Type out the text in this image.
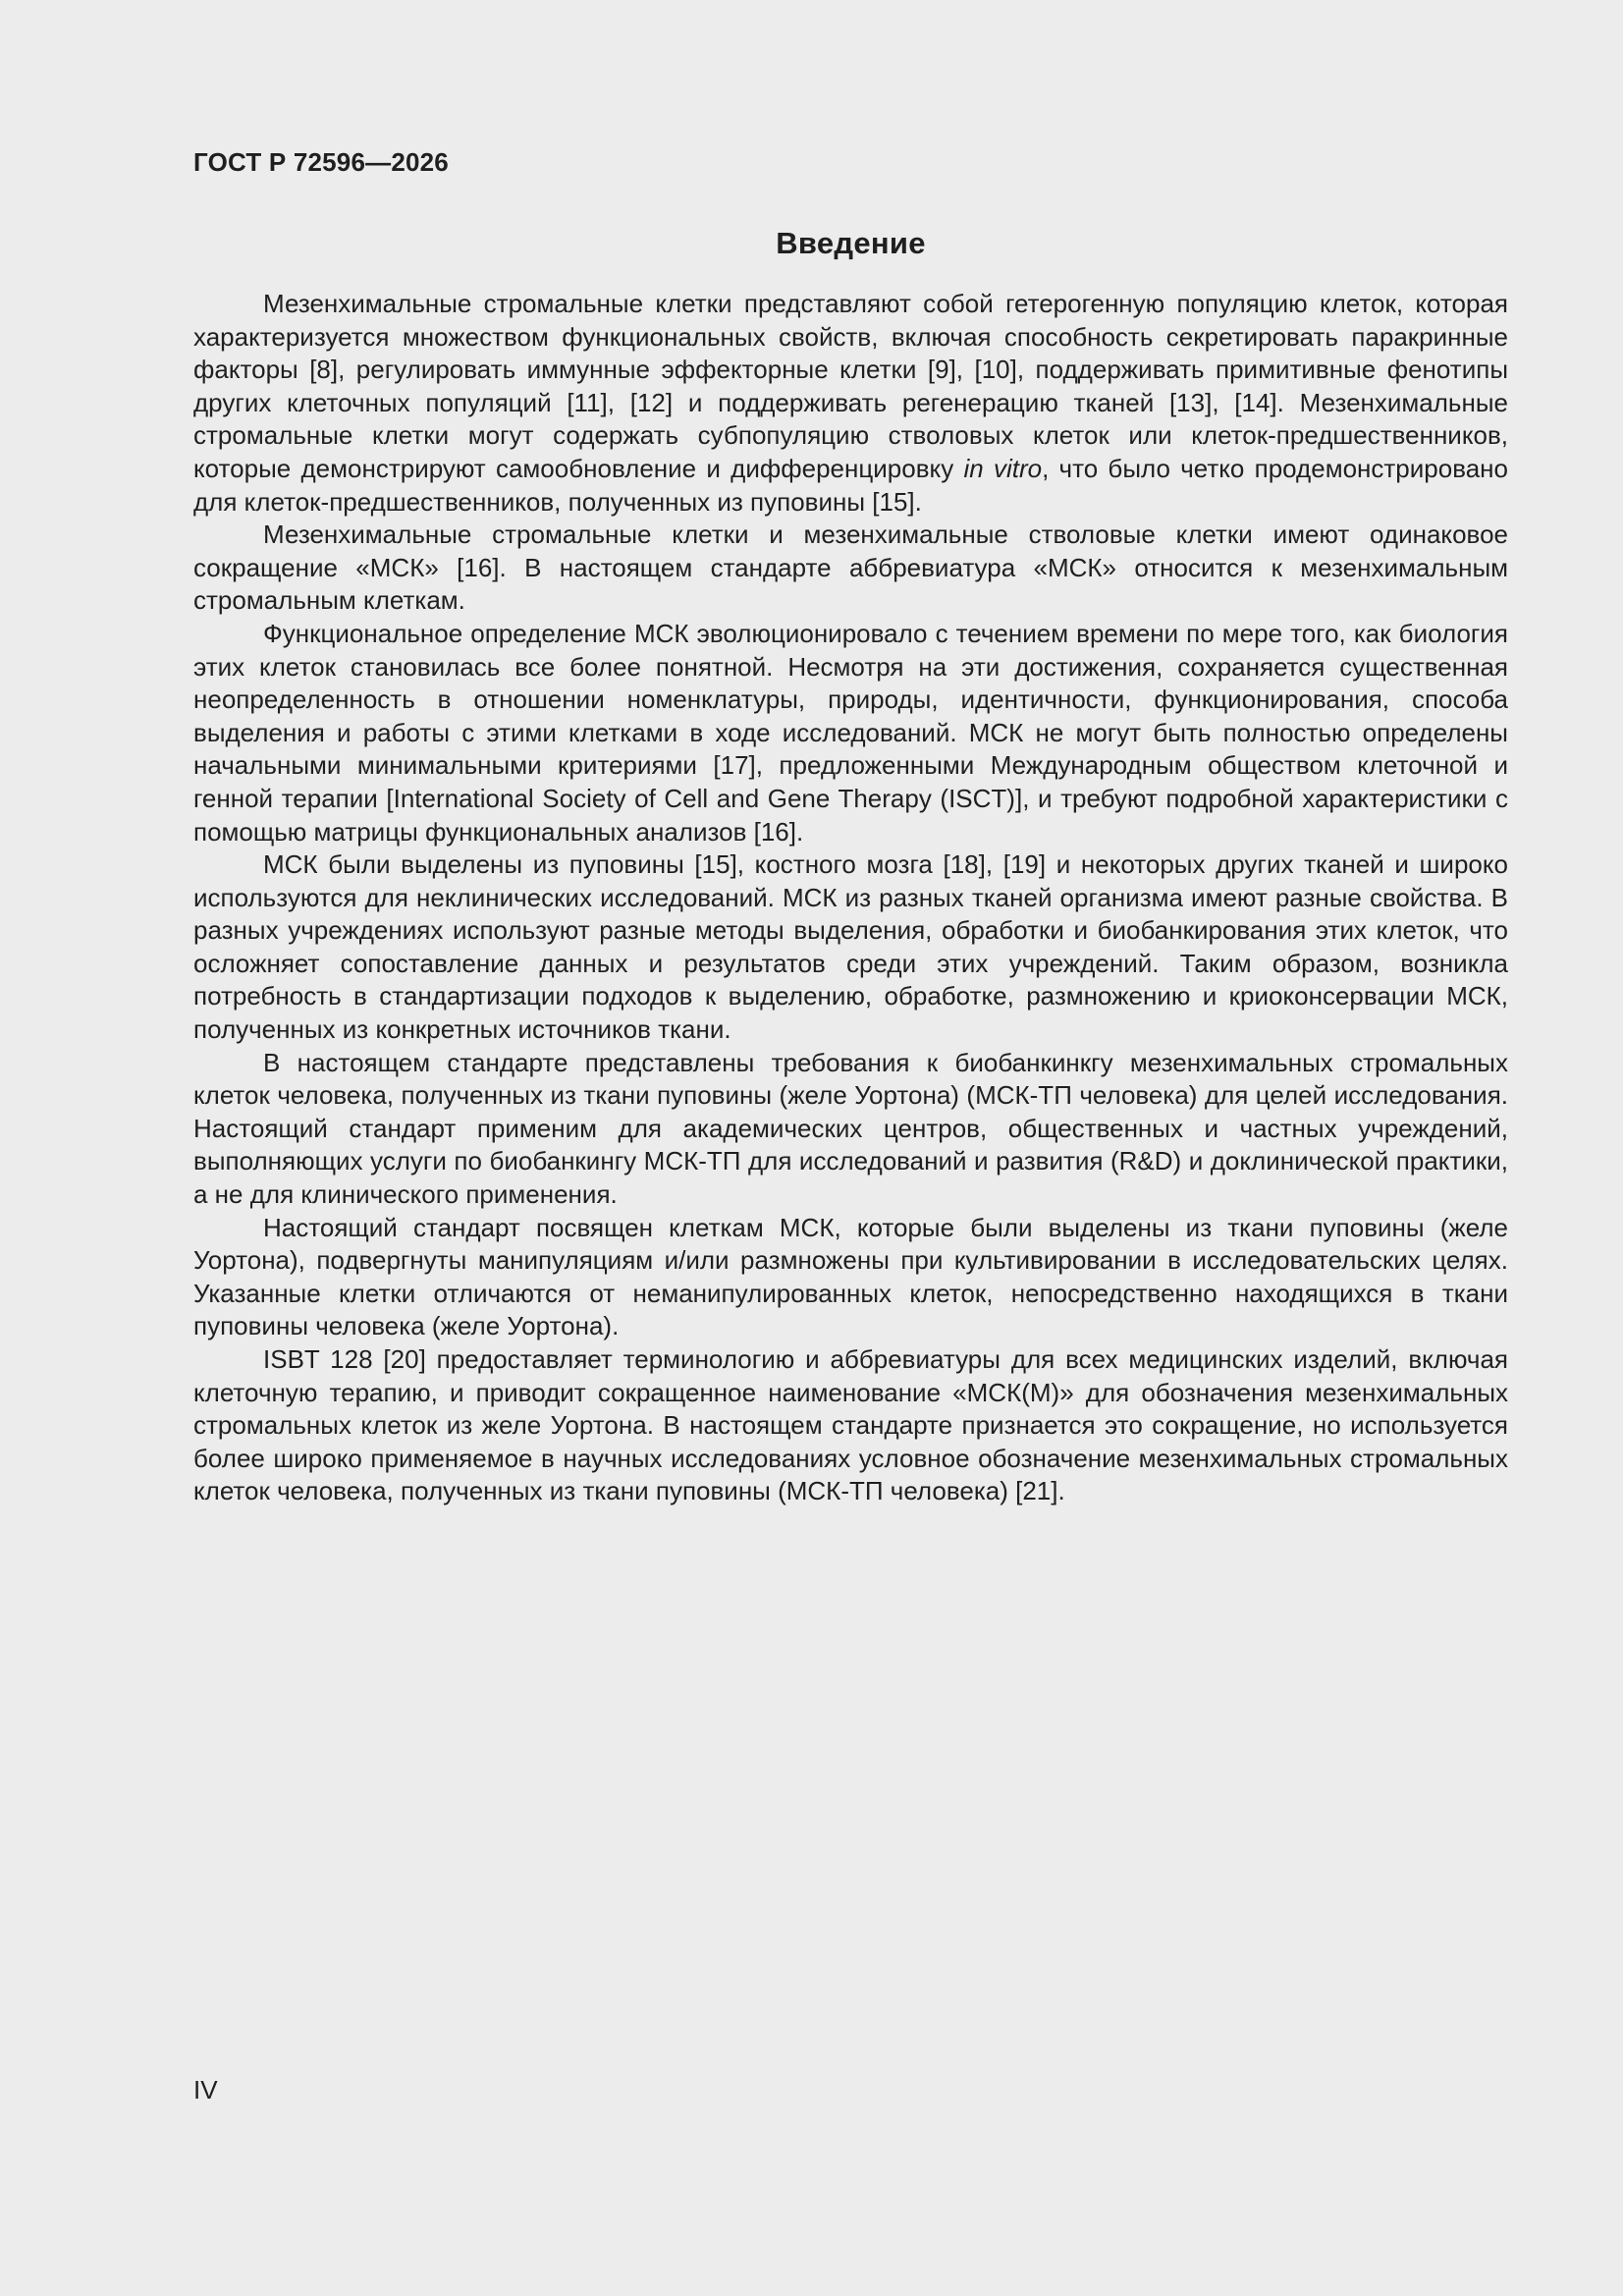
ГОСТ Р 72596—2026
Введение

Мезенхимальные стромальные клетки представляют собой гетерогенную популяцию клеток, которая характеризуется множеством функциональных свойств, включая способность секретировать паракринные факторы [8], регулировать иммунные эффекторные клетки [9], [10], поддерживать примитивные фенотипы других клеточных популяций [11], [12] и поддерживать регенерацию тканей [13], [14]. Мезенхимальные стромальные клетки могут содержать субпопуляцию стволовых клеток или клеток-предшественников, которые демонстрируют самообновление и дифференцировку in vitro, что было четко продемонстрировано для клеток-предшественников, полученных из пуповины [15].

Мезенхимальные стромальные клетки и мезенхимальные стволовые клетки имеют одинаковое сокращение «МСК» [16]. В настоящем стандарте аббревиатура «МСК» относится к мезенхимальным стромальным клеткам.

Функциональное определение МСК эволюционировало с течением времени по мере того, как биология этих клеток становилась все более понятной. Несмотря на эти достижения, сохраняется существенная неопределенность в отношении номенклатуры, природы, идентичности, функционирования, способа выделения и работы с этими клетками в ходе исследований. МСК не могут быть полностью определены начальными минимальными критериями [17], предложенными Международным обществом клеточной и генной терапии [International Society of Cell and Gene Therapy (ISCT)], и требуют подробной характеристики с помощью матрицы функциональных анализов [16].

МСК были выделены из пуповины [15], костного мозга [18], [19] и некоторых других тканей и широко используются для неклинических исследований. МСК из разных тканей организма имеют разные свойства. В разных учреждениях используют разные методы выделения, обработки и биобанкирования этих клеток, что осложняет сопоставление данных и результатов среди этих учреждений. Таким образом, возникла потребность в стандартизации подходов к выделению, обработке, размножению и криоконсервации МСК, полученных из конкретных источников ткани.

В настоящем стандарте представлены требования к биобанкинкгу мезенхимальных стромальных клеток человека, полученных из ткани пуповины (желе Уортона) (МСК-ТП человека) для целей исследования. Настоящий стандарт применим для академических центров, общественных и частных учреждений, выполняющих услуги по биобанкингу МСК-ТП для исследований и развития (R&D) и доклинической практики, а не для клинического применения.

Настоящий стандарт посвящен клеткам МСК, которые были выделены из ткани пуповины (желе Уортона), подвергнуты манипуляциям и/или размножены при культивировании в исследовательских целях. Указанные клетки отличаются от неманипулированных клеток, непосредственно находящихся в ткани пуповины человека (желе Уортона).

ISBT 128 [20] предоставляет терминологию и аббревиатуры для всех медицинских изделий, включая клеточную терапию, и приводит сокращенное наименование «МСК(М)» для обозначения мезенхимальных стромальных клеток из желе Уортона. В настоящем стандарте признается это сокращение, но используется более широко применяемое в научных исследованиях условное обозначение мезенхимальных стромальных клеток человека, полученных из ткани пуповины (МСК-ТП человека) [21].

IV
